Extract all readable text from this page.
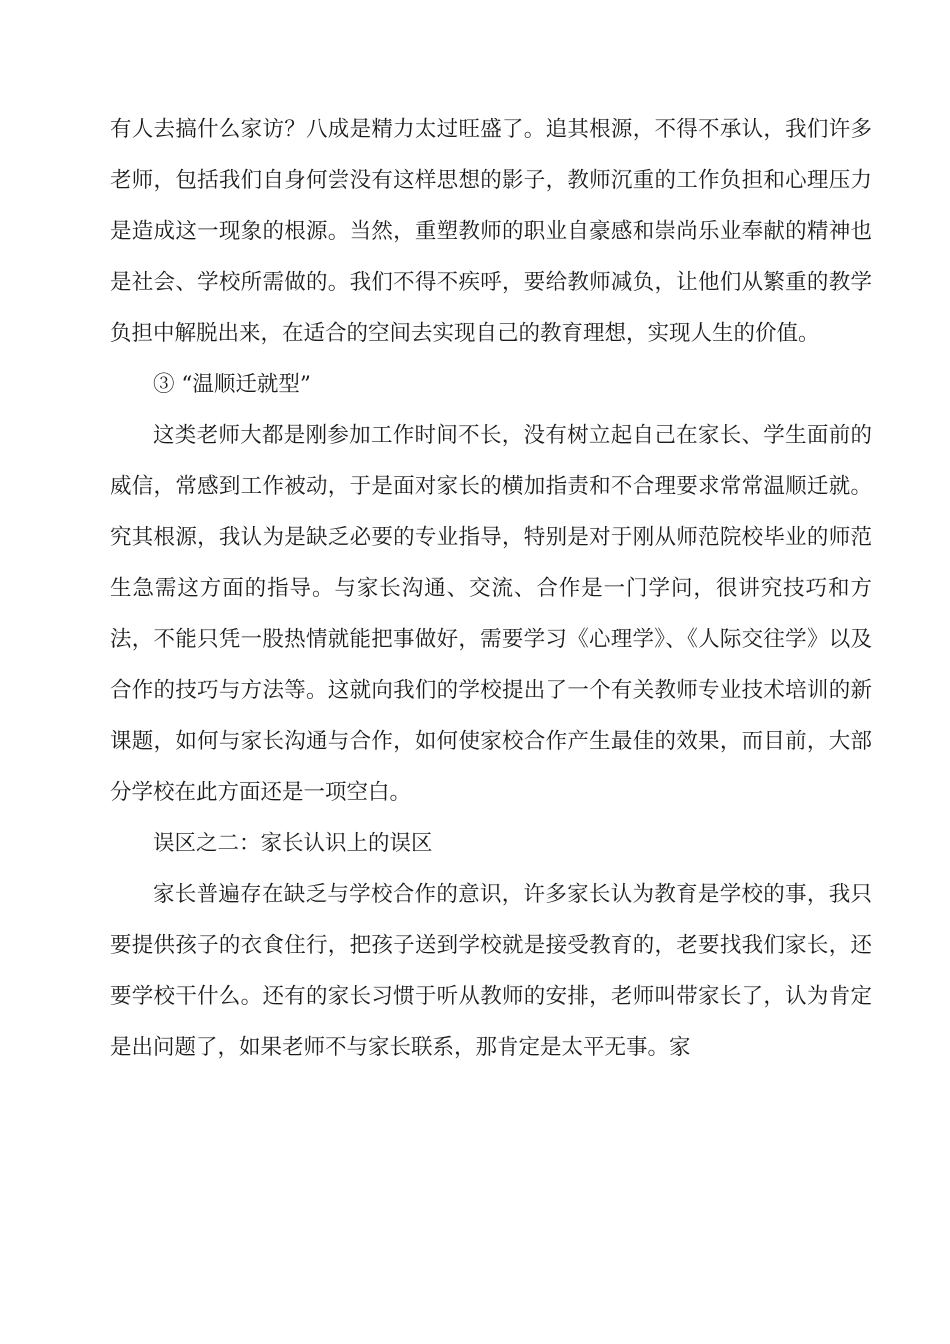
有人去搞什么家访？八成是精力太过旺盛了。追其根源，不得不承认，我们许多老师，包括我们自身何尝没有这样思想的影子，教师沉重的工作负担和心理压力是造成这一现象的根源。当然，重塑教师的职业自豪感和崇尚乐业奉献的精神也是社会、学校所需做的。我们不得不疾呼，要给教师减负，让他们从繁重的教学负担中解脱出来，在适合的空间去实现自己的教育理想，实现人生的价值。

③ “温顺迁就型”

这类老师大都是刚参加工作时间不长，没有树立起自己在家长、学生面前的威信，常感到工作被动，于是面对家长的横加指责和不合理要求常常温顺迁就。究其根源，我认为是缺乏必要的专业指导，特别是对于刚从师范院校毕业的师范生急需这方面的指导。与家长沟通、交流、合作是一门学问，很讲究技巧和方法，不能只凭一股热情就能把事做好，需要学习《心理学》、《人际交往学》以及合作的技巧与方法等。这就向我们的学校提出了一个有关教师专业技术培训的新课题，如何与家长沟通与合作，如何使家校合作产生最佳的效果，而目前，大部分学校在此方面还是一项空白。

误区之二：家长认识上的误区

家长普遍存在缺乏与学校合作的意识，许多家长认为教育是学校的事，我只要提供孩子的衣食住行，把孩子送到学校就是接受教育的，老要找我们家长，还要学校干什么。还有的家长习惯于听从教师的安排，老师叫带家长了，认为肯定是出问题了，如果老师不与家长联系，那肯定是太平无事。家
